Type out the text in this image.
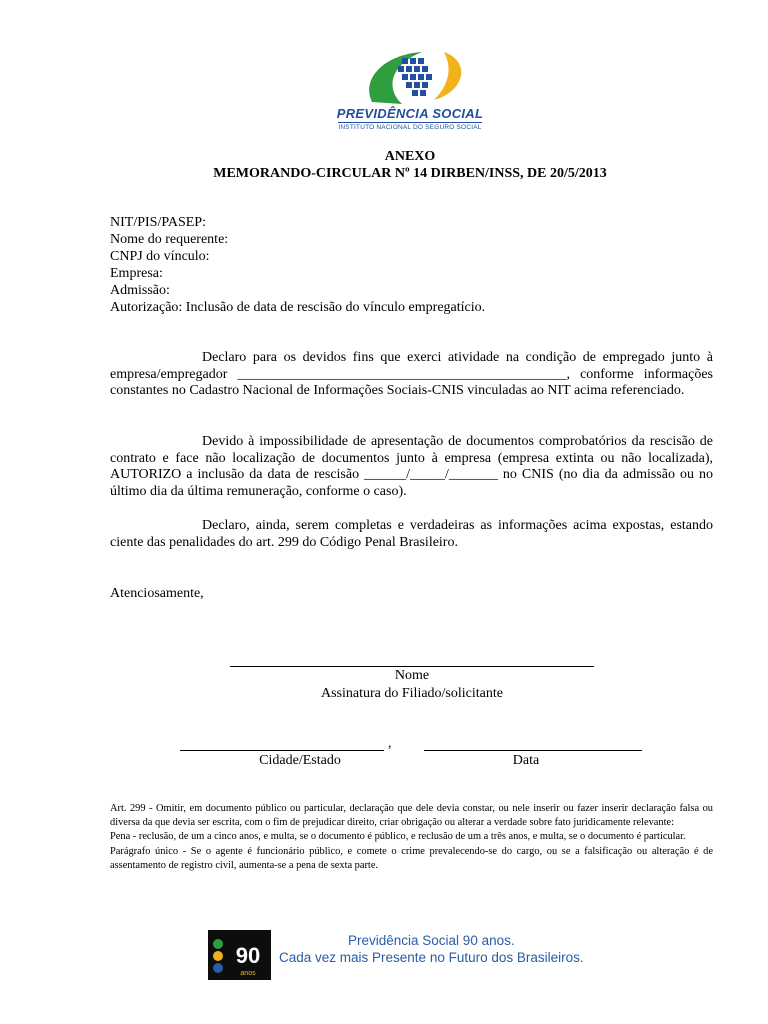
PREVIDÊNCIA SOCIAL
INSTITUTO NACIONAL DO SEGURO SOCIAL
ANEXO
MEMORANDO-CIRCULAR Nº 14 DIRBEN/INSS, DE 20/5/2013
NIT/PIS/PASEP:
Nome do requerente:
CNPJ do vínculo:
Empresa:
Admissão:
Autorização: Inclusão de data de rescisão do vínculo empregatício.
Declaro para os devidos fins que exerci atividade na condição de empregado junto à empresa/empregador _______________________________________________, conforme informações constantes no Cadastro Nacional de Informações Sociais-CNIS vinculadas ao NIT acima referenciado.
Devido à impossibilidade de apresentação de documentos comprobatórios da rescisão de contrato e face não localização de documentos junto à empresa (empresa extinta ou não localizada), AUTORIZO a inclusão da data de rescisão ______/_____/_______ no CNIS (no dia da admissão ou no último dia da última remuneração, conforme o caso).
Declaro, ainda, serem completas e verdadeiras as informações acima expostas, estando ciente das penalidades do art. 299 do Código Penal Brasileiro.
Atenciosamente,
Nome
Assinatura do Filiado/solicitante
,
Cidade/Estado	Data
Art. 299 - Omitir, em documento público ou particular, declaração que dele devia constar, ou nele inserir ou fazer inserir declaração falsa ou diversa da que devia ser escrita, com o fim de prejudicar direito, criar obrigação ou alterar a verdade sobre fato juridicamente relevante:
Pena - reclusão, de um a cinco anos, e multa, se o documento é público, e reclusão de um a três anos, e multa, se o documento é particular.
Parágrafo único - Se o agente é funcionário público, e comete o crime prevalecendo-se do cargo, ou se a falsificação ou alteração é de assentamento de registro civil, aumenta-se a pena de sexta parte.
90
anos
Previdência Social 90 anos.
Cada vez mais Presente no Futuro dos Brasileiros.
